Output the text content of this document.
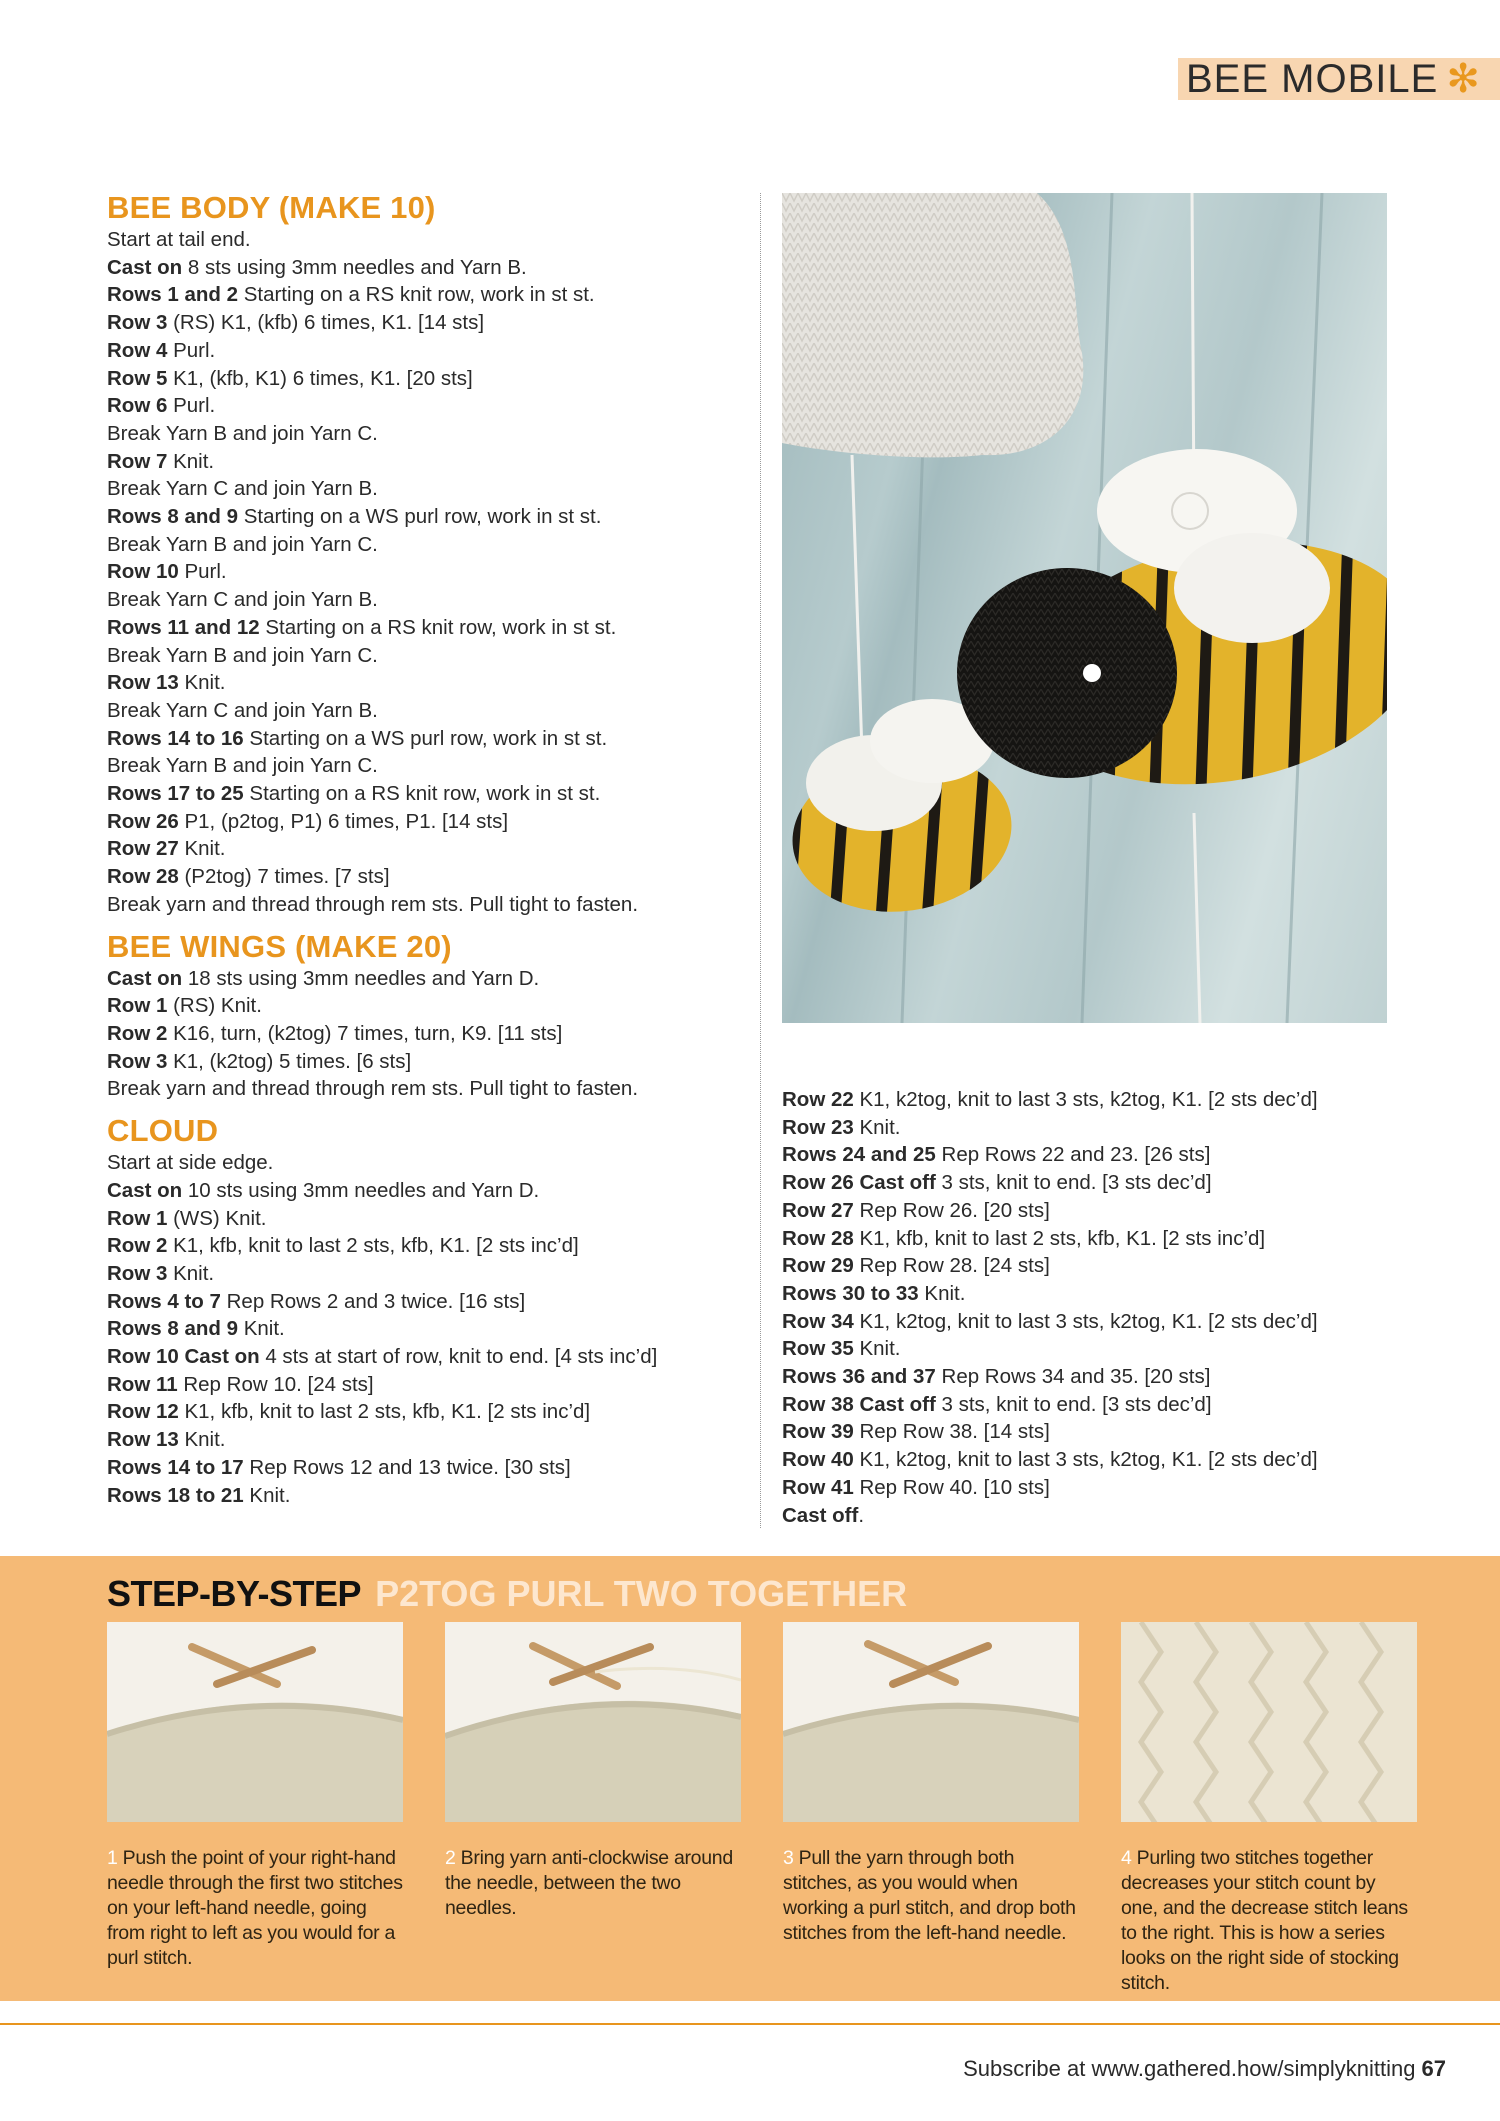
BEE MOBILE ✻
BEE BODY (MAKE 10)
Start at tail end.
Cast on 8 sts using 3mm needles and Yarn B.
Rows 1 and 2 Starting on a RS knit row, work in st st.
Row 3 (RS) K1, (kfb) 6 times, K1. [14 sts]
Row 4 Purl.
Row 5 K1, (kfb, K1) 6 times, K1. [20 sts]
Row 6 Purl.
Break Yarn B and join Yarn C.
Row 7 Knit.
Break Yarn C and join Yarn B.
Rows 8 and 9 Starting on a WS purl row, work in st st.
Break Yarn B and join Yarn C.
Row 10 Purl.
Break Yarn C and join Yarn B.
Rows 11 and 12 Starting on a RS knit row, work in st st.
Break Yarn B and join Yarn C.
Row 13 Knit.
Break Yarn C and join Yarn B.
Rows 14 to 16 Starting on a WS purl row, work in st st.
Break Yarn B and join Yarn C.
Rows 17 to 25 Starting on a RS knit row, work in st st.
Row 26 P1, (p2tog, P1) 6 times, P1. [14 sts]
Row 27 Knit.
Row 28 (P2tog) 7 times. [7 sts]
Break yarn and thread through rem sts. Pull tight to fasten.
BEE WINGS (MAKE 20)
Cast on 18 sts using 3mm needles and Yarn D.
Row 1 (RS) Knit.
Row 2 K16, turn, (k2tog) 7 times, turn, K9. [11 sts]
Row 3 K1, (k2tog) 5 times. [6 sts]
Break yarn and thread through rem sts. Pull tight to fasten.
CLOUD
Start at side edge.
Cast on 10 sts using 3mm needles and Yarn D.
Row 1 (WS) Knit.
Row 2 K1, kfb, knit to last 2 sts, kfb, K1. [2 sts inc’d]
Row 3 Knit.
Rows 4 to 7 Rep Rows 2 and 3 twice. [16 sts]
Rows 8 and 9 Knit.
Row 10 Cast on 4 sts at start of row, knit to end. [4 sts inc’d]
Row 11 Rep Row 10. [24 sts]
Row 12 K1, kfb, knit to last 2 sts, kfb, K1. [2 sts inc’d]
Row 13 Knit.
Rows 14 to 17 Rep Rows 12 and 13 twice. [30 sts]
Rows 18 to 21 Knit.
Row 22 K1, k2tog, knit to last 3 sts, k2tog, K1. [2 sts dec’d]
Row 23 Knit.
Rows 24 and 25 Rep Rows 22 and 23. [26 sts]
Row 26 Cast off 3 sts, knit to end. [3 sts dec’d]
Row 27 Rep Row 26. [20 sts]
Row 28 K1, kfb, knit to last 2 sts, kfb, K1. [2 sts inc’d]
Row 29 Rep Row 28. [24 sts]
Rows 30 to 33 Knit.
Row 34 K1, k2tog, knit to last 3 sts, k2tog, K1. [2 sts dec’d]
Row 35 Knit.
Rows 36 and 37 Rep Rows 34 and 35. [20 sts]
Row 38 Cast off 3 sts, knit to end. [3 sts dec’d]
Row 39 Rep Row 38. [14 sts]
Row 40 K1, k2tog, knit to last 3 sts, k2tog, K1. [2 sts dec’d]
Row 41 Rep Row 40. [10 sts]
Cast off.
STEP-BY-STEP P2TOG PURL TWO TOGETHER
1 Push the point of your right-hand needle through the first two stitches on your left-hand needle, going from right to left as you would for a purl stitch.
2 Bring yarn anti-clockwise around the needle, between the two needles.
3 Pull the yarn through both stitches, as you would when working a purl stitch, and drop both stitches from the left-hand needle.
4 Purling two stitches together decreases your stitch count by one, and the decrease stitch leans to the right. This is how a series looks on the right side of stocking stitch.
Subscribe at www.gathered.how/simplyknitting 67
